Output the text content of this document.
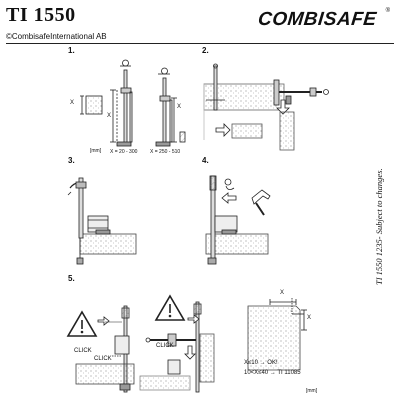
TI 1550
©CombisafeInternational AB
COMBISAFE ®
1.	2.
3.	4.
5.	TI 1550 1235- Subject to changes.
X
X
X
[mm] X = 20 - 300	X = 250 - 510
CLICK
CLICK
CLICK
X
X
X≤10 → OK!
10<X≤40 → TI 11085
[mm]
